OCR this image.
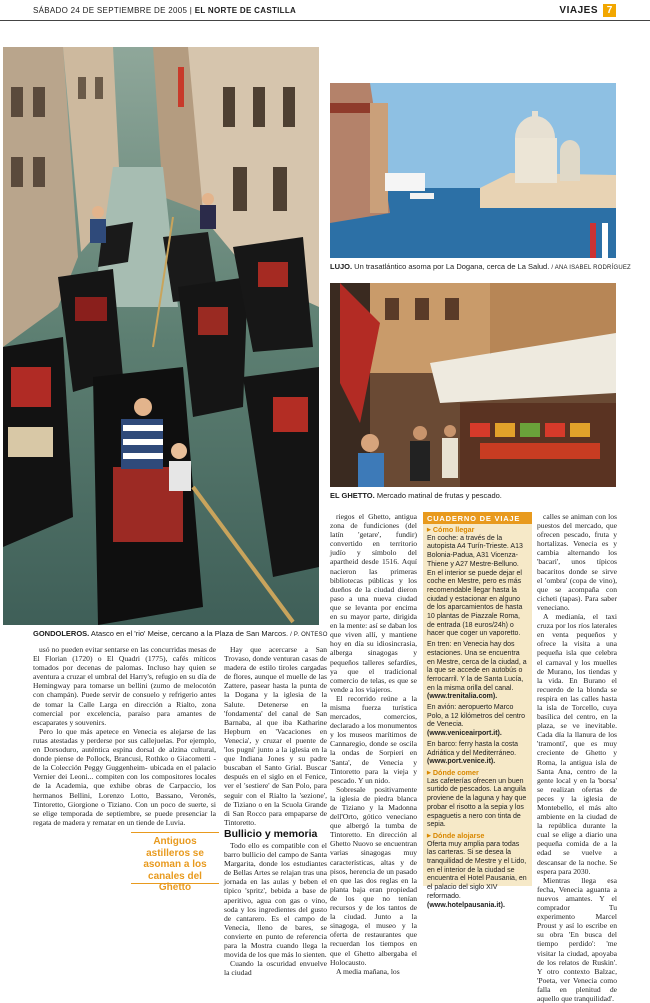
SÁBADO 24 DE SEPTIEMBRE DE 2005 | EL NORTE DE CASTILLA	VIAJES 7
GONDOLEROS. Atasco en el 'rio' Meise, cercano a la Plaza de San Marcos. / P. ONTESO
LUJO. Un trasatlántico asoma por La Dogana, cerca de La Salud. / ANA ISABEL RODRÍGUEZ
EL GHETTO. Mercado matinal de frutas y pescado.

usó no pueden evitar sentarse en las concurridas mesas de El Florian (1720) o El Quadri (1775), cafés míticos tomados por decenas de palomas. Incluso hay quien se aventura a cruzar el umbral del Harry's, refugio en su día de Hemingway para tomarse un bellini (zumo de melocotón con champán). Puede servir de consuelo y refrigerio antes de tomar la Calle Larga en dirección a Rialto, zona comercial por excelencia, paraíso para amantes de escaparates y souvenirs.

Pero lo que más apetece en Venecia es alejarse de las rutas atestadas y perderse por sus callejuelas. Por ejemplo, en Dorsoduro, auténtica espina dorsal de alzina cultural, donde piense de Pollock, Brancusi, Rothko o Giacometti -de la Colección Peggy Guggenheim- ubicada en el palacio Vernier dei Leoni... compiten con los compositores locales de la Academia, que exhibe obras de Carpaccio, los hermanos Bellini, Lorenzo Lotto, Bassano, Veronés, Tintoretto, Giorgione o Tiziano. Con un poco de suerte, si se elige temporada de septiembre, se puede presenciar la regata de madera y rematar en un tiende de Luvia.

Hay que acercarse a San Trovaso, donde venturan casas de madera de estilo tiroles cargadas de flores, aunque el muelle de las Zattere, pasear hasta la punta de la Dogana y la iglesia de la Salute. Detenerse en la 'fondamenta' del canal de San Barnaba, al que iba Katharine Hepburn en 'Vacaciones en Venecia', y cruzar el puente de 'los pugni' junto a la iglesia en la que Indiana Jones y su padre buscaban el Santo Grial. Buscar después en el siglo en el Fenice, ver el 'sestiere' de San Polo, para seguir con el Rialto la 'sezione', de Tiziano o en la Scuola Grande di San Rocco para empaparse de Tintoretto.

Bullicio y memoria

Todo ello es compatible con el barro bullicio del campo de Santa Margarita, donde los estudiantes de Bellas Artes se relajan tras una jornada en las aulas y beben el típico 'spritz', bebida a base de aperitivo, agua con gas o vino, soda y los ingredientes del gusto de cantarero. Es el campo de Venecia, lleno de bares, se convierte en punto de referencia para la Mostra cuando llega la movida de los que más lo sienten.

Cuando la oscuridad envuelve la ciudad

Antiguos astilleros se asoman a los canales del Ghetto

riegos el Ghetto, antigua zona de fundiciones (del latín 'getare', fundir) convertido en territorio judío y símbolo del apartheid desde 1516. Aquí nacieron las primeras bibliotecas públicas y los dueños de la ciudad dieron paso a una nueva ciudad que se levanta por encima en su mayor parte, dirigida en la mente: así se daban los que viven allí, y mantiene hoy en día su idiosincrasia, alberga sinagogas y pequeños talleres sefardíes, ya que el tradicional comercio de telas, es que se vende a los viajeros.

El recorrido reúne a la misma fuerza turística mercados, comercios, declarado a los monumentos y los museos marítimos de Cannaregio, donde se oscila la ondas de Sorpieri en 'Santa', de Venecia y Tintoretto para la vieja y pescado. Y un nido.

Sobresale positivamente la iglesia de piedra blanca de Tiziano y la Madonna dell'Orto, gótico veneciano que albergó la tumba de Tintoretto. En dirección al Ghetto Nuovo se encuentran varias sinagogas muy características, altas y de pisos, herencia de un pasado en que las dos reglas en la planta baja eran propiedad de los que no tenían recursos y de los tantos de la ciudad. Junto a la sinagoga, el museo y la oferta de restaurantes que recuerdan los tiempos en que el Ghetto albergaba el Holocausto.

A media mañana, los

CUADERNO DE VIAJE
▶ Cómo llegar
En coche: a través de la autopista A4 Turín-Trieste. A13 Bolonia-Padua, A31 Vicenza-Thiene y A27 Mestre-Belluno. En el interior se puede dejar el coche en Mestre, pero es más recomendable llegar hasta la ciudad y estacionar en alguno de los aparcamientos de hasta 10 plantas de Piazzale Roma, de entrada (18 euros/24h) o hacer que coger un vaporetto.
En tren: en Venecia hay dos estaciones. Una se encuentra en Mestre, cerca de la ciudad, a la que se accede en autobús o ferrocarril. Y la de Santa Lucía, en la misma orilla del canal. (www.trenitalia.com).
En avión: aeropuerto Marco Polo, a 12 kilómetros del centro de Venecia. (www.veniceairport.it).
En barco: ferry hasta la costa Adriática y del Mediterráneo. (www.port.venice.it).
▶ Dónde comer
Las cafeterías ofrecen un buen surtido de pescados. La anguila proviene de la laguna y hay que probar el risotto a la sepia y los espaguetis a nero con tinta de sepia.
▶ Dónde alojarse
Oferta muy amplia para todas las carteras. Si se desea la tranquilidad de Mestre y el Lido, en el interior de la ciudad se encuentra el Hotel Pausania, en el palacio del siglo XIV reformado. (www.hotelpausania.it).

calles se animan con los puestos del mercado, que ofrecen pescado, fruta y hortalizas. Venecia es y cambia alternando los 'bacari', unos típicos bacaritos donde se sirve el 'ombra' (copa de vino), que se acompaña con cicheti (tapas). Para saber veneciano.

A medianía, el taxi cruza por los ríos laterales en venta pequeños y ofrece la visita a una pequeña isla que celebra el carnaval y los muelles de Murano, los tiendas y la vida. En Burano el recuerdo de la blonda se respira en las calles hasta la isla de Torcello, cuya basílica del centro, en la plaza, se ve inevitable. Cada día la llanura de los 'tramonti', que es muy creciente de Ghetto y Roma, la antigua isla de Santa Ana, centro de la gente local y en la 'borsa' se realizan ofertas de peces y la iglesia de Montebello, el más alto ambiente en la ciudad de la república durante la cual se elige a diario una pequeña comida de a la edad se vuelve a descansar de la noche. Se espera para 2030.

Mientras llega esa fecha, Venecia aguanta a nuevos amantes. Y el comprador Tu experimento Marcel Proust y así lo escribe en su obra 'En busca del tiempo perdido': 'me visitar la ciudad, apoyaba de los relatos de Ruskin'. Y otro contexto Balzac, 'Poeta, ver Venecia como falla en plenitud de aquello que tranquilidad'.
